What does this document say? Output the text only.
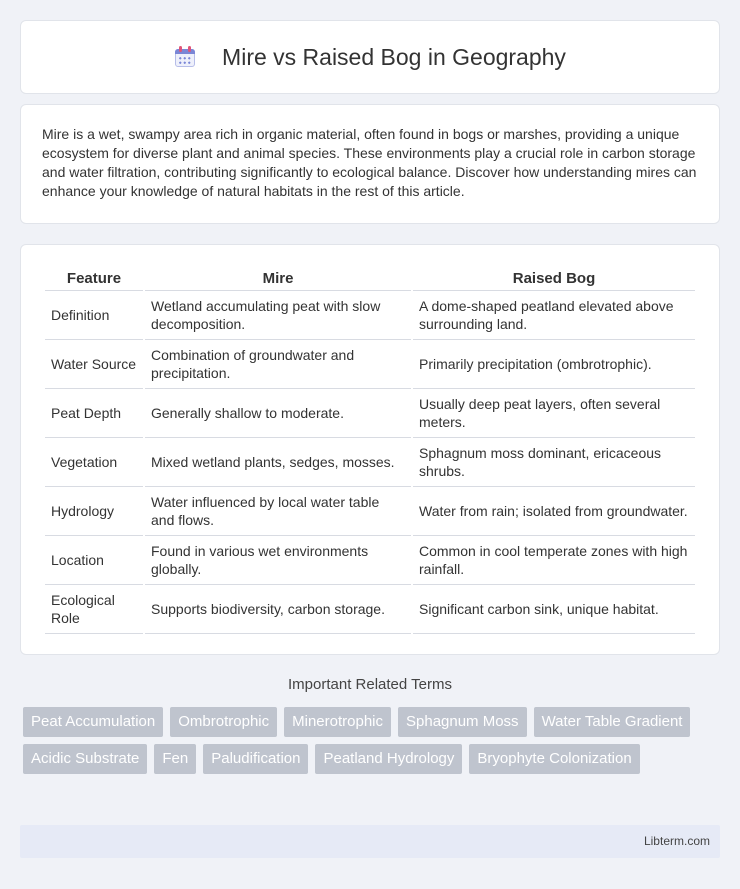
Mire vs Raised Bog in Geography

Mire is a wet, swampy area rich in organic material, often found in bogs or marshes, providing a unique ecosystem for diverse plant and animal species. These environments play a crucial role in carbon storage and water filtration, contributing significantly to ecological balance. Discover how understanding mires can enhance your knowledge of natural habitats in the rest of this article.

Feature	Mire	Raised Bog
Definition	Wetland accumulating peat with slow decomposition.	A dome-shaped peatland elevated above surrounding land.
Water Source	Combination of groundwater and precipitation.	Primarily precipitation (ombrotrophic).
Peat Depth	Generally shallow to moderate.	Usually deep peat layers, often several meters.
Vegetation	Mixed wetland plants, sedges, mosses.	Sphagnum moss dominant, ericaceous shrubs.
Hydrology	Water influenced by local water table and flows.	Water from rain; isolated from groundwater.
Location	Found in various wet environments globally.	Common in cool temperate zones with high rainfall.
Ecological Role	Supports biodiversity, carbon storage.	Significant carbon sink, unique habitat.
Important Related Terms
Peat Accumulation	Ombrotrophic	Minerotrophic	Sphagnum Moss	Water Table Gradient
Acidic Substrate	Fen	Paludification	Peatland Hydrology	Bryophyte Colonization
Libterm.com
